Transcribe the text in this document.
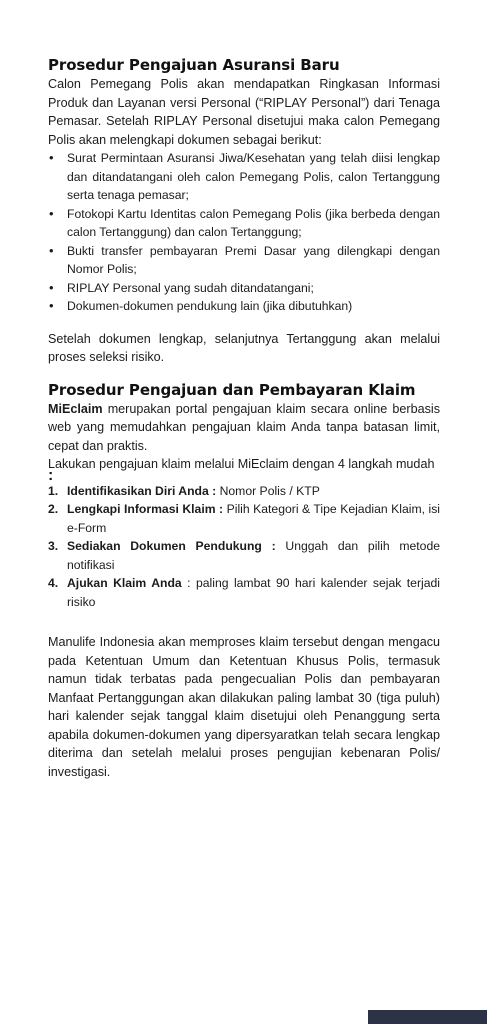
Prosedur Pengajuan Asuransi Baru

Calon Pemegang Polis akan mendapatkan Ringkasan Informasi Produk dan Layanan versi Personal (“RIPLAY Personal”) dari Tenaga Pemasar. Setelah RIPLAY Personal disetujui maka calon Pemegang Polis akan melengkapi dokumen sebagai berikut:

• Surat Permintaan Asuransi Jiwa/Kesehatan yang telah diisi lengkap dan ditandatangani oleh calon Pemegang Polis, calon Tertanggung serta tenaga pemasar;
• Fotokopi Kartu Identitas calon Pemegang Polis (jika berbeda dengan calon Tertanggung) dan calon Tertanggung;
• Bukti transfer pembayaran Premi Dasar yang dilengkapi dengan Nomor Polis;
• RIPLAY Personal yang sudah ditandatangani;
• Dokumen-dokumen pendukung lain (jika dibutuhkan)

Setelah dokumen lengkap, selanjutnya Tertanggung akan melalui proses seleksi risiko.

Prosedur Pengajuan dan Pembayaran Klaim

MiEclaim merupakan portal pengajuan klaim secara online berbasis web yang memudahkan pengajuan klaim Anda tanpa batasan limit, cepat dan praktis.

Lakukan pengajuan klaim melalui MiEclaim dengan 4 langkah mudah

:
1. Identifikasikan Diri Anda : Nomor Polis / KTP
2. Lengkapi Informasi Klaim : Pilih Kategori & Tipe Kejadian Klaim, isi e-Form
3. Sediakan Dokumen Pendukung : Unggah dan pilih metode notifikasi
4. Ajukan Klaim Anda : paling lambat 90 hari kalender sejak terjadi risiko

Manulife Indonesia akan memproses klaim tersebut dengan mengacu pada Ketentuan Umum dan Ketentuan Khusus Polis, termasuk namun tidak terbatas pada pengecualian Polis dan pembayaran Manfaat Pertanggungan akan dilakukan paling lambat 30 (tiga puluh) hari kalender sejak tanggal klaim disetujui oleh Penanggung serta apabila dokumen-dokumen yang dipersyaratkan telah secara lengkap diterima dan setelah melalui proses pengujian kebenaran Polis/ investigasi.
